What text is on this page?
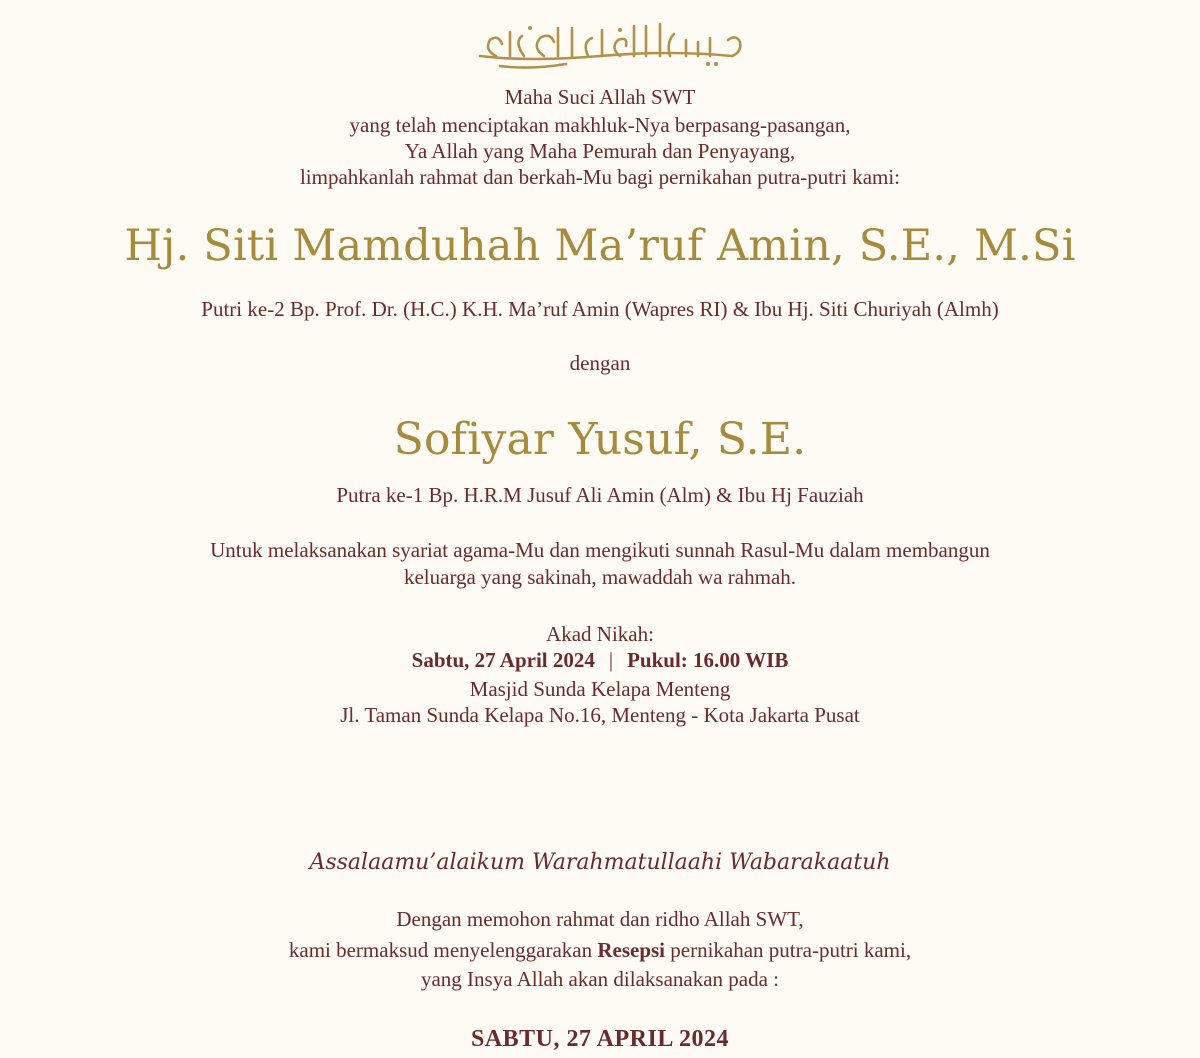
Maha Suci Allah SWT

yang telah menciptakan makhluk-Nya berpasang-pasangan,

Ya Allah yang Maha Pemurah dan Penyayang,

limpahkanlah rahmat dan berkah-Mu bagi pernikahan putra-putri kami:

Hj. Siti Mamduhah Ma’ruf Amin, S.E., M.Si

Putri ke-2 Bp. Prof. Dr. (H.C.) K.H. Ma’ruf Amin (Wapres RI) & Ibu Hj. Siti Churiyah (Almh)

dengan

Sofiyar Yusuf, S.E.

Putra ke-1 Bp. H.R.M Jusuf Ali Amin (Alm) & Ibu Hj Fauziah

Untuk melaksanakan syariat agama-Mu dan mengikuti sunnah Rasul-Mu dalam membangun

keluarga yang sakinah, mawaddah wa rahmah.

Akad Nikah:

Sabtu, 27 April 2024 | Pukul: 16.00 WIB

Masjid Sunda Kelapa Menteng

Jl. Taman Sunda Kelapa No.16, Menteng - Kota Jakarta Pusat

Assalaamu’alaikum Warahmatullaahi Wabarakaatuh

Dengan memohon rahmat dan ridho Allah SWT,

kami bermaksud menyelenggarakan Resepsi pernikahan putra-putri kami,

yang Insya Allah akan dilaksanakan pada :

SABTU, 27 APRIL 2024
